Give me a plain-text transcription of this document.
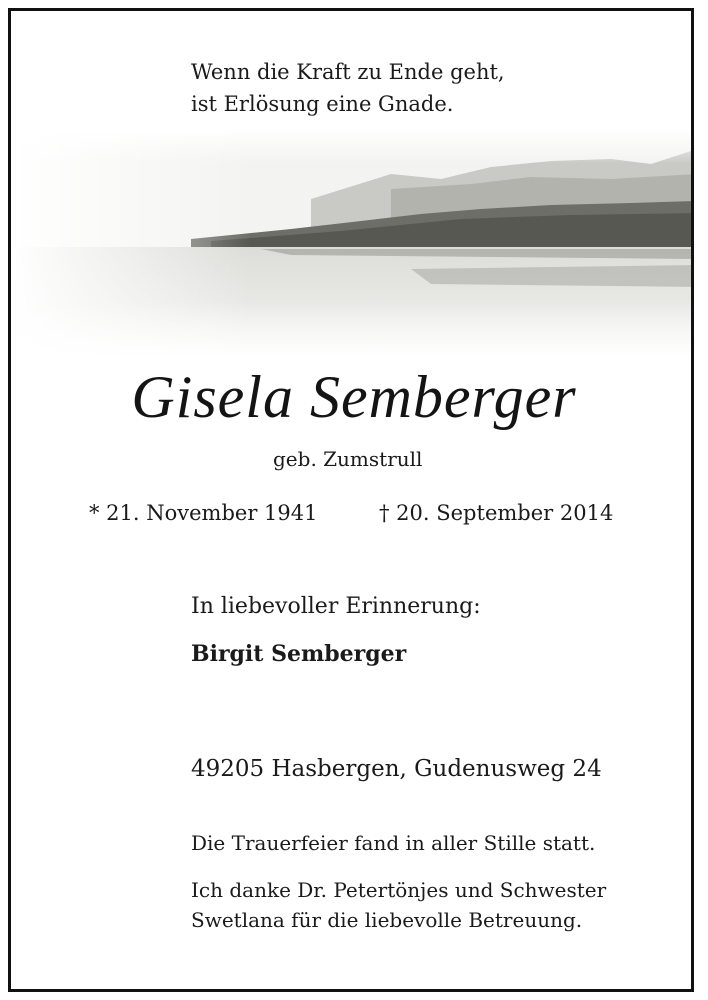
Wenn die Kraft zu Ende geht,
ist Erlösung eine Gnade.
Gisela Semberger
geb. Zumstrull
* 21. November 1941	† 20. September 2014
In liebevoller Erinnerung:
Birgit Semberger
49205 Hasbergen, Gudenusweg 24
Die Trauerfeier fand in aller Stille statt.
Ich danke Dr. Petertönjes und Schwester
Swetlana für die liebevolle Betreuung.
